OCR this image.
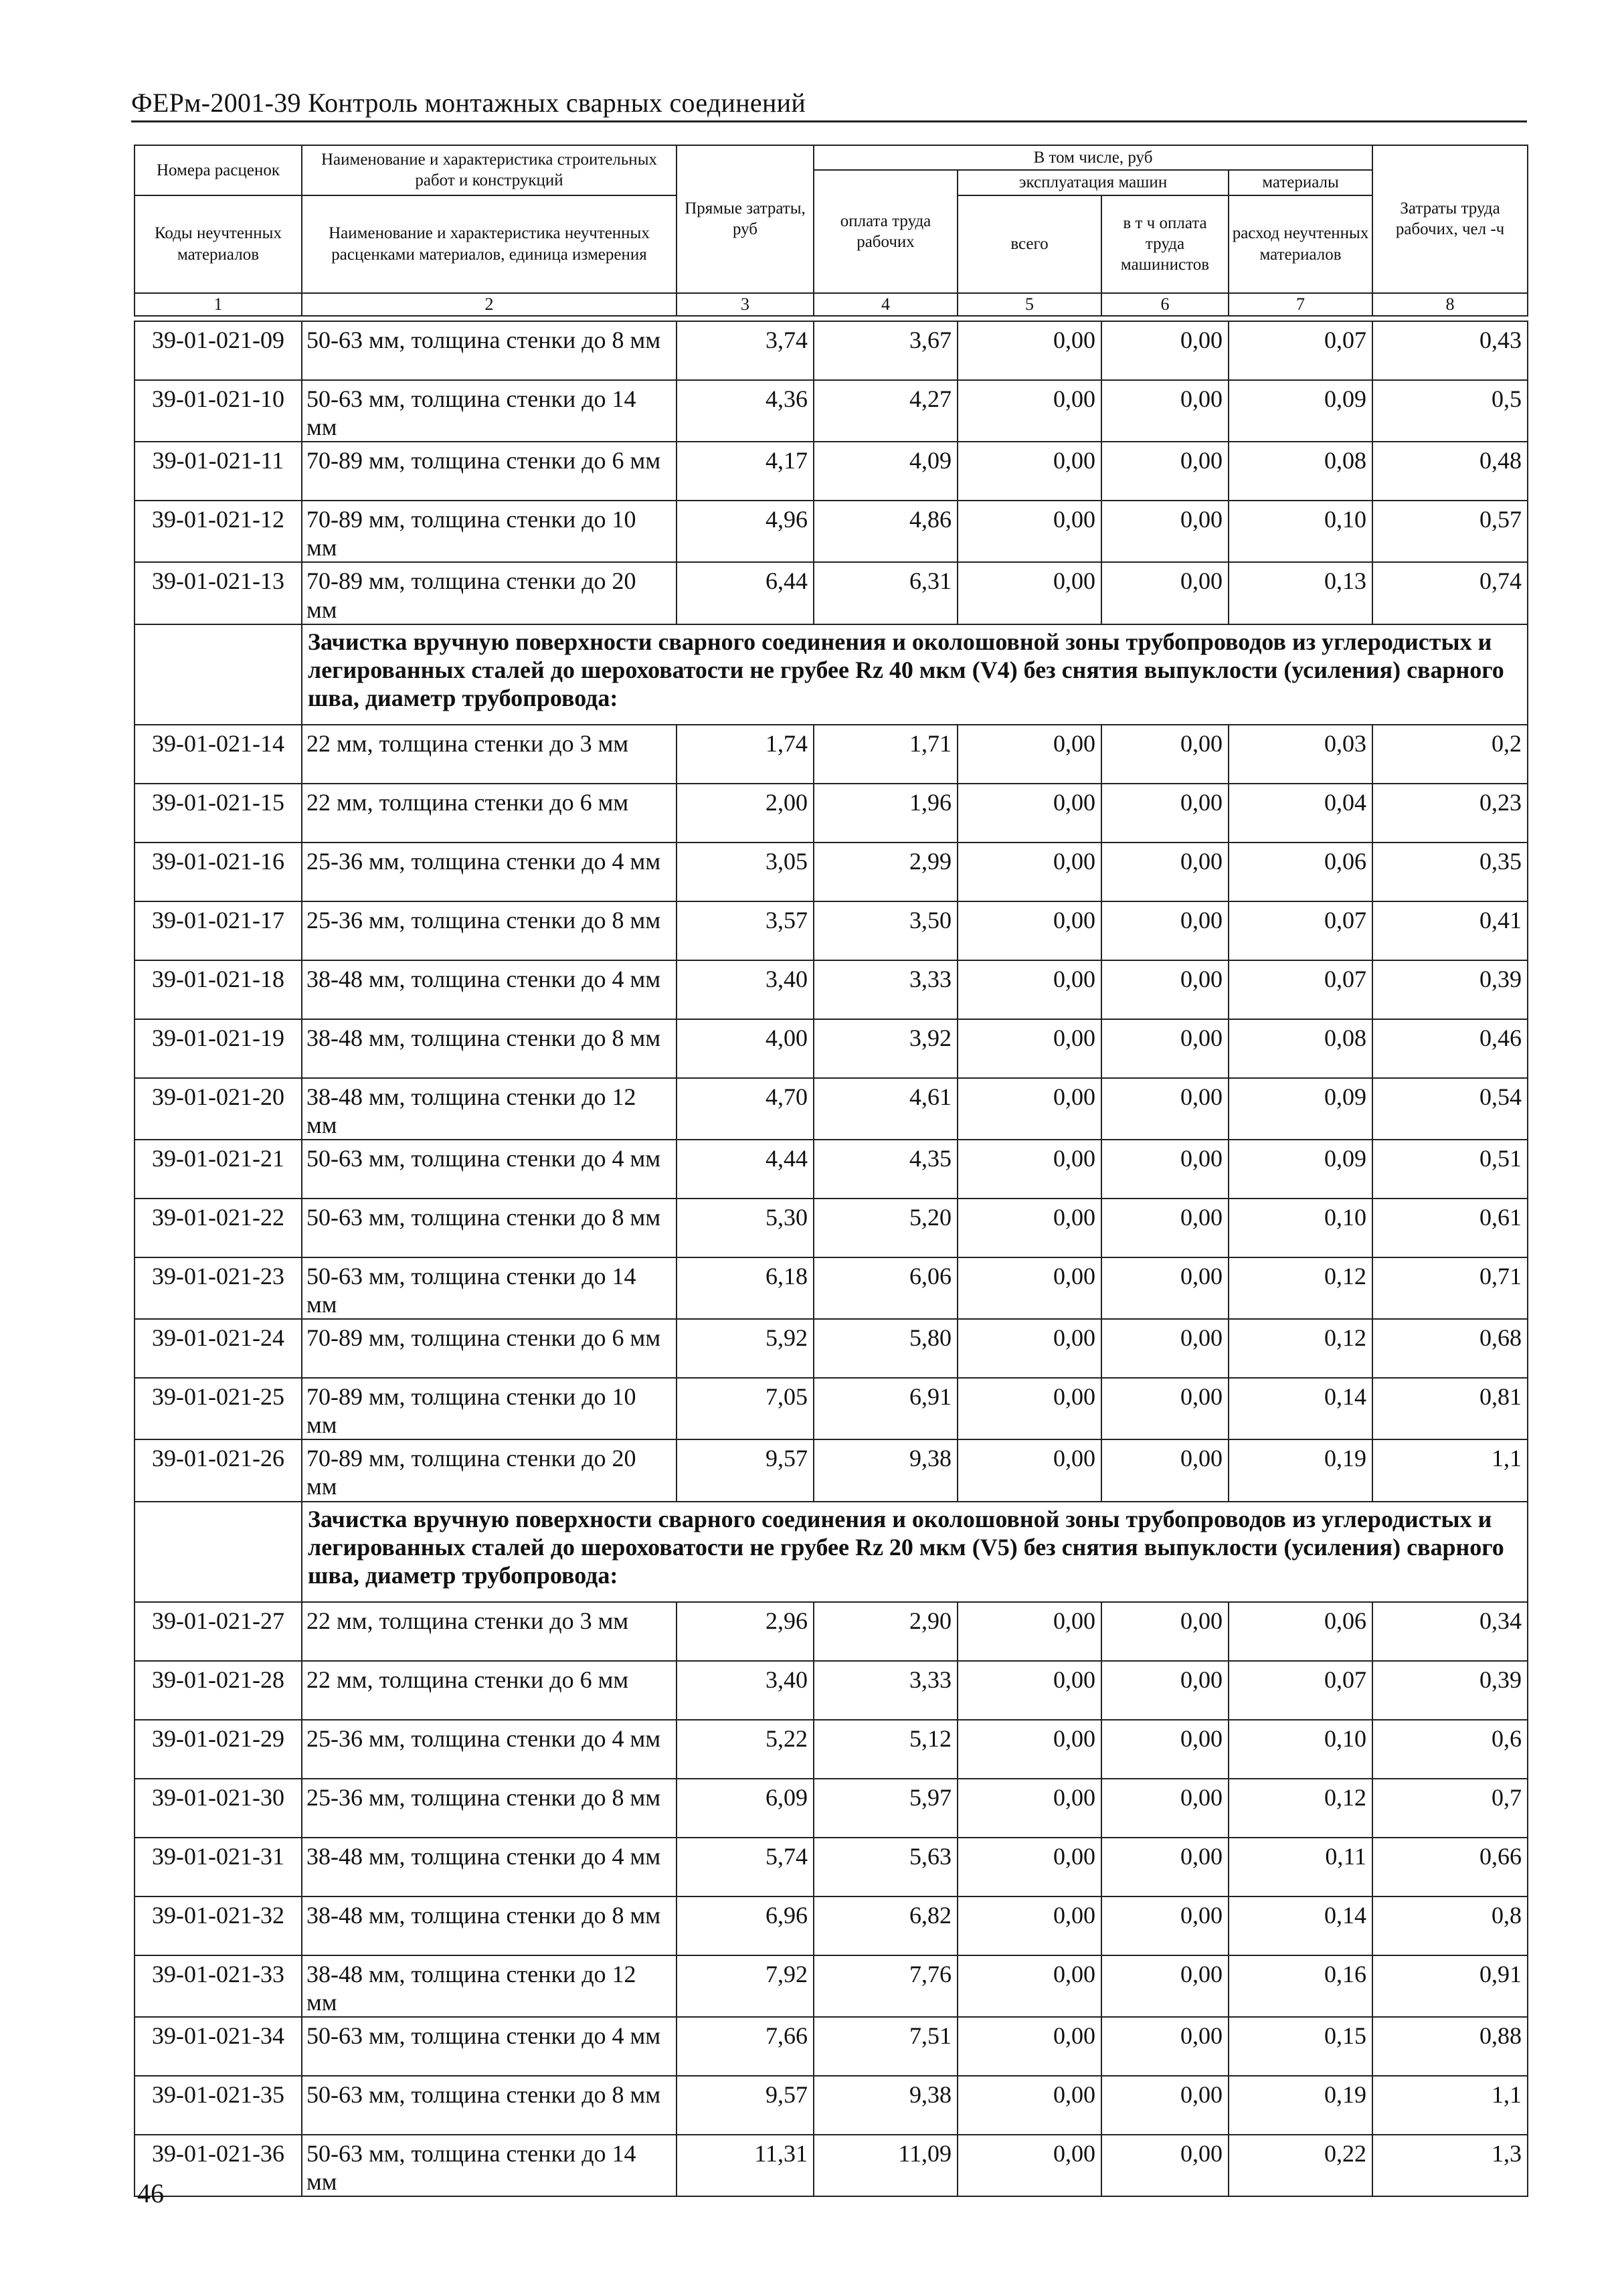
ФЕРм-2001-39 Контроль монтажных сварных соединений
Номера расценок	Наименование и характеристика строительных работ и конструкций	Прямые затраты, руб	В том числе, руб				Затраты труда рабочих, чел -ч
			оплата труда рабочих	эксплуатация машин		материалы	
Коды неучтенных материалов	Наименование и характеристика неучтенных расценками материалов, единица измерения			всего	в т ч оплата труда машинистов	расход неучтенных материалов	

1	2	3	4	5	6	7	8
39-01-021-09	50-63 мм, толщина стенки до 8 мм	3,74	3,67	0,00	0,00	0,07	0,43
39-01-021-10	50-63 мм, толщина стенки до 14 мм	4,36	4,27	0,00	0,00	0,09	0,5
39-01-021-11	70-89 мм, толщина стенки до 6 мм	4,17	4,09	0,00	0,00	0,08	0,48
39-01-021-12	70-89 мм, толщина стенки до 10 мм	4,96	4,86	0,00	0,00	0,10	0,57
39-01-021-13	70-89 мм, толщина стенки до 20 мм	6,44	6,31	0,00	0,00	0,13	0,74
	Зачистка вручную поверхности сварного соединения и околошовной зоны трубопроводов из углеродистых и легированных сталей до шероховатости не грубее Rz 40 мкм (V4) без снятия выпуклости (усиления) сварного шва, диаметр трубопровода:						
39-01-021-14	22 мм, толщина стенки до 3 мм	1,74	1,71	0,00	0,00	0,03	0,2
39-01-021-15	22 мм, толщина стенки до 6 мм	2,00	1,96	0,00	0,00	0,04	0,23
39-01-021-16	25-36 мм, толщина стенки до 4 мм	3,05	2,99	0,00	0,00	0,06	0,35
39-01-021-17	25-36 мм, толщина стенки до 8 мм	3,57	3,50	0,00	0,00	0,07	0,41
39-01-021-18	38-48 мм, толщина стенки до 4 мм	3,40	3,33	0,00	0,00	0,07	0,39
39-01-021-19	38-48 мм, толщина стенки до 8 мм	4,00	3,92	0,00	0,00	0,08	0,46
39-01-021-20	38-48 мм, толщина стенки до 12 мм	4,70	4,61	0,00	0,00	0,09	0,54
39-01-021-21	50-63 мм, толщина стенки до 4 мм	4,44	4,35	0,00	0,00	0,09	0,51
39-01-021-22	50-63 мм, толщина стенки до 8 мм	5,30	5,20	0,00	0,00	0,10	0,61
39-01-021-23	50-63 мм, толщина стенки до 14 мм	6,18	6,06	0,00	0,00	0,12	0,71
39-01-021-24	70-89 мм, толщина стенки до 6 мм	5,92	5,80	0,00	0,00	0,12	0,68
39-01-021-25	70-89 мм, толщина стенки до 10 мм	7,05	6,91	0,00	0,00	0,14	0,81
39-01-021-26	70-89 мм, толщина стенки до 20 мм	9,57	9,38	0,00	0,00	0,19	1,1
	Зачистка вручную поверхности сварного соединения и околошовной зоны трубопроводов из углеродистых и легированных сталей до шероховатости не грубее Rz 20 мкм (V5) без снятия выпуклости (усиления) сварного шва, диаметр трубопровода:						
39-01-021-27	22 мм, толщина стенки до 3 мм	2,96	2,90	0,00	0,00	0,06	0,34
39-01-021-28	22 мм, толщина стенки до 6 мм	3,40	3,33	0,00	0,00	0,07	0,39
39-01-021-29	25-36 мм, толщина стенки до 4 мм	5,22	5,12	0,00	0,00	0,10	0,6
39-01-021-30	25-36 мм, толщина стенки до 8 мм	6,09	5,97	0,00	0,00	0,12	0,7
39-01-021-31	38-48 мм, толщина стенки до 4 мм	5,74	5,63	0,00	0,00	0,11	0,66
39-01-021-32	38-48 мм, толщина стенки до 8 мм	6,96	6,82	0,00	0,00	0,14	0,8
39-01-021-33	38-48 мм, толщина стенки до 12 мм	7,92	7,76	0,00	0,00	0,16	0,91
39-01-021-34	50-63 мм, толщина стенки до 4 мм	7,66	7,51	0,00	0,00	0,15	0,88
39-01-021-35	50-63 мм, толщина стенки до 8 мм	9,57	9,38	0,00	0,00	0,19	1,1
39-01-021-36	50-63 мм, толщина стенки до 14 мм	11,31	11,09	0,00	0,00	0,22	1,3
46
